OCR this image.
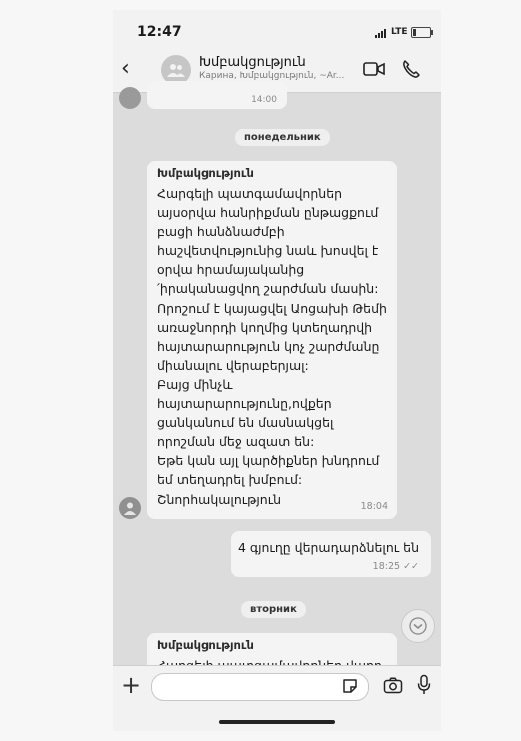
12:47	LTE
‹	Խմբակցություն
Карина, Խմբակցություն, ~Ar...
14:00
понедельник
Խմբակցություն
Հարգելի պատգամավորներ
այսօրվա հանրիքման ընթացքում
բացի հանձնաժմբի
հաշվետվությունից նաև խոսվել է
օրվա հրամայականից
՛իրականացվող շարժման մասին:
Որոշում է կայացվել Աոցախի Թեմի
առաջնորդի կողմից կտեղադրվի
հայտարարություն կոչ շարժմանը
միանալու վերաբերյալ:
Բայց մինչև
հայտարարությունը,ովքեր
ցանկանում են մասնակցել
որոշման մեջ ազատ են:
Եթե կան այլ կարծիքներ խնդրում
եմ տեղադրել խմբում:
Շնորհակալություն	18:04
4 գյուղը վերադարձնելու են
18:25 ✓✓
вторник
Խմբակցություն
+
